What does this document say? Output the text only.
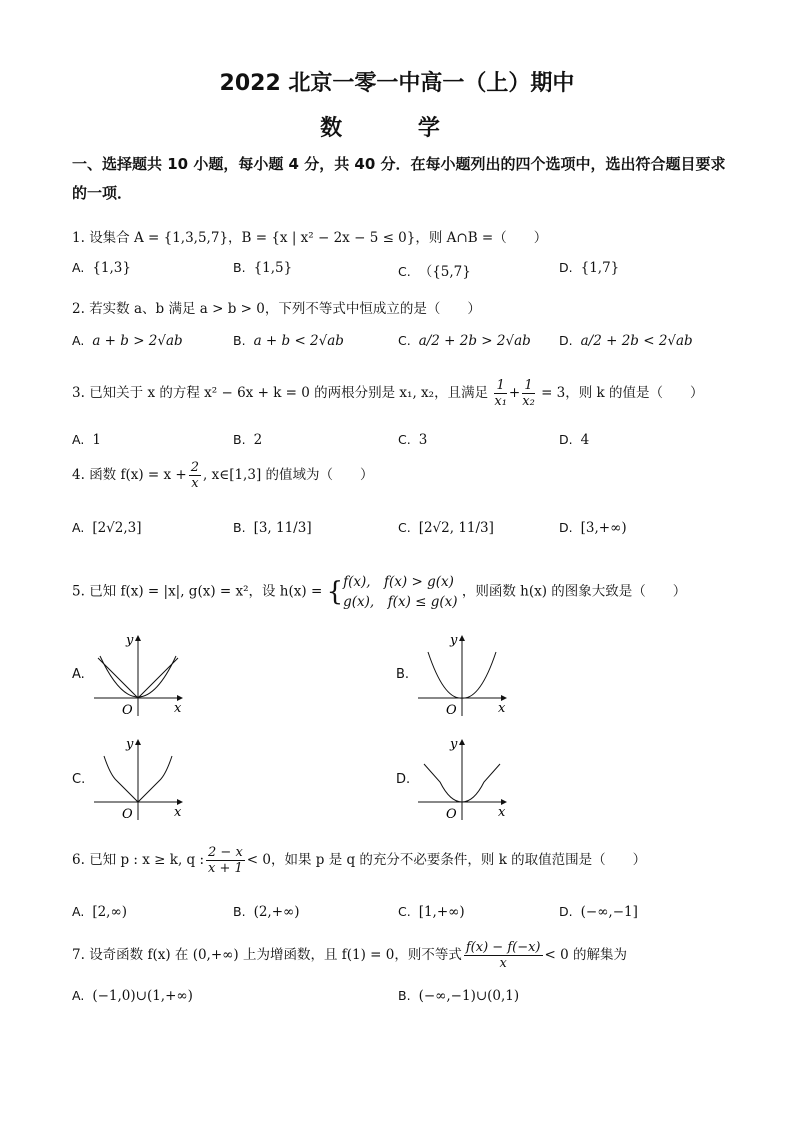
2022 北京一零一中高一（上）期中
数 学
一、选择题共 10 小题，每小题 4 分，共 40 分．在每小题列出的四个选项中，选出符合题目要求的一项．
1. 设集合 A = {1,3,5,7}，B = {x | x² − 2x − 5 ≤ 0}，则 A∩B =（　　）
A. {1,3}	B. {1,5}	C. （{5,7}	D. {1,7}
2. 若实数 a、b 满足 a > b > 0，下列不等式中恒成立的是（　　）
A. a + b > 2√ab	B. a + b < 2√ab	C. a/2 + 2b > 2√ab D. a/2 + 2b < 2√ab
3. 已知关于 x 的方程 x² − 6x + k = 0 的两根分别是 x₁, x₂，且满足 $\frac{1}{\text{x₁}} + \frac{1}{\text{x₂}} = 3$，则 k 的值是（　　）
A. 1	B. 2	C. 3	D. 4
4. 函数 $f(x) = x + \frac{2}{x}$ , x∈[1,3] 的值域为（　　）
A. [2√2,3]	B. [3, 11/3]	C. [2√2, 11/3]	D. [3,+∞)
5. 已知 f(x) = |x|, g(x) = x²，设 h(x) = { f(x),　f(x) > g(x)
g(x),　f(x) ≤ g(x)
，则函数 h(x) 的图象大致是（　　）
A.	B.
C.	D.
y
x
O
y
x
O
y
x
O
y
x
O
6. 已知 p : x ≥ k, q : $\frac{2 - x}{x + 1} < 0$，如果 p 是 q 的充分不必要条件，则 k 的取值范围是（　　）
A. [2,∞)	B. (2,+∞)	C. [1,+∞)	D. (−∞,−1]
7. 设奇函数 f(x) 在 (0,+∞) 上为增函数，且 f(1) = 0，则不等式 $\frac{f(x) - f(-x)}{x} < 0$ 的解集为
A. (−1,0)∪(1,+∞)	B. (−∞,−1)∪(0,1)
